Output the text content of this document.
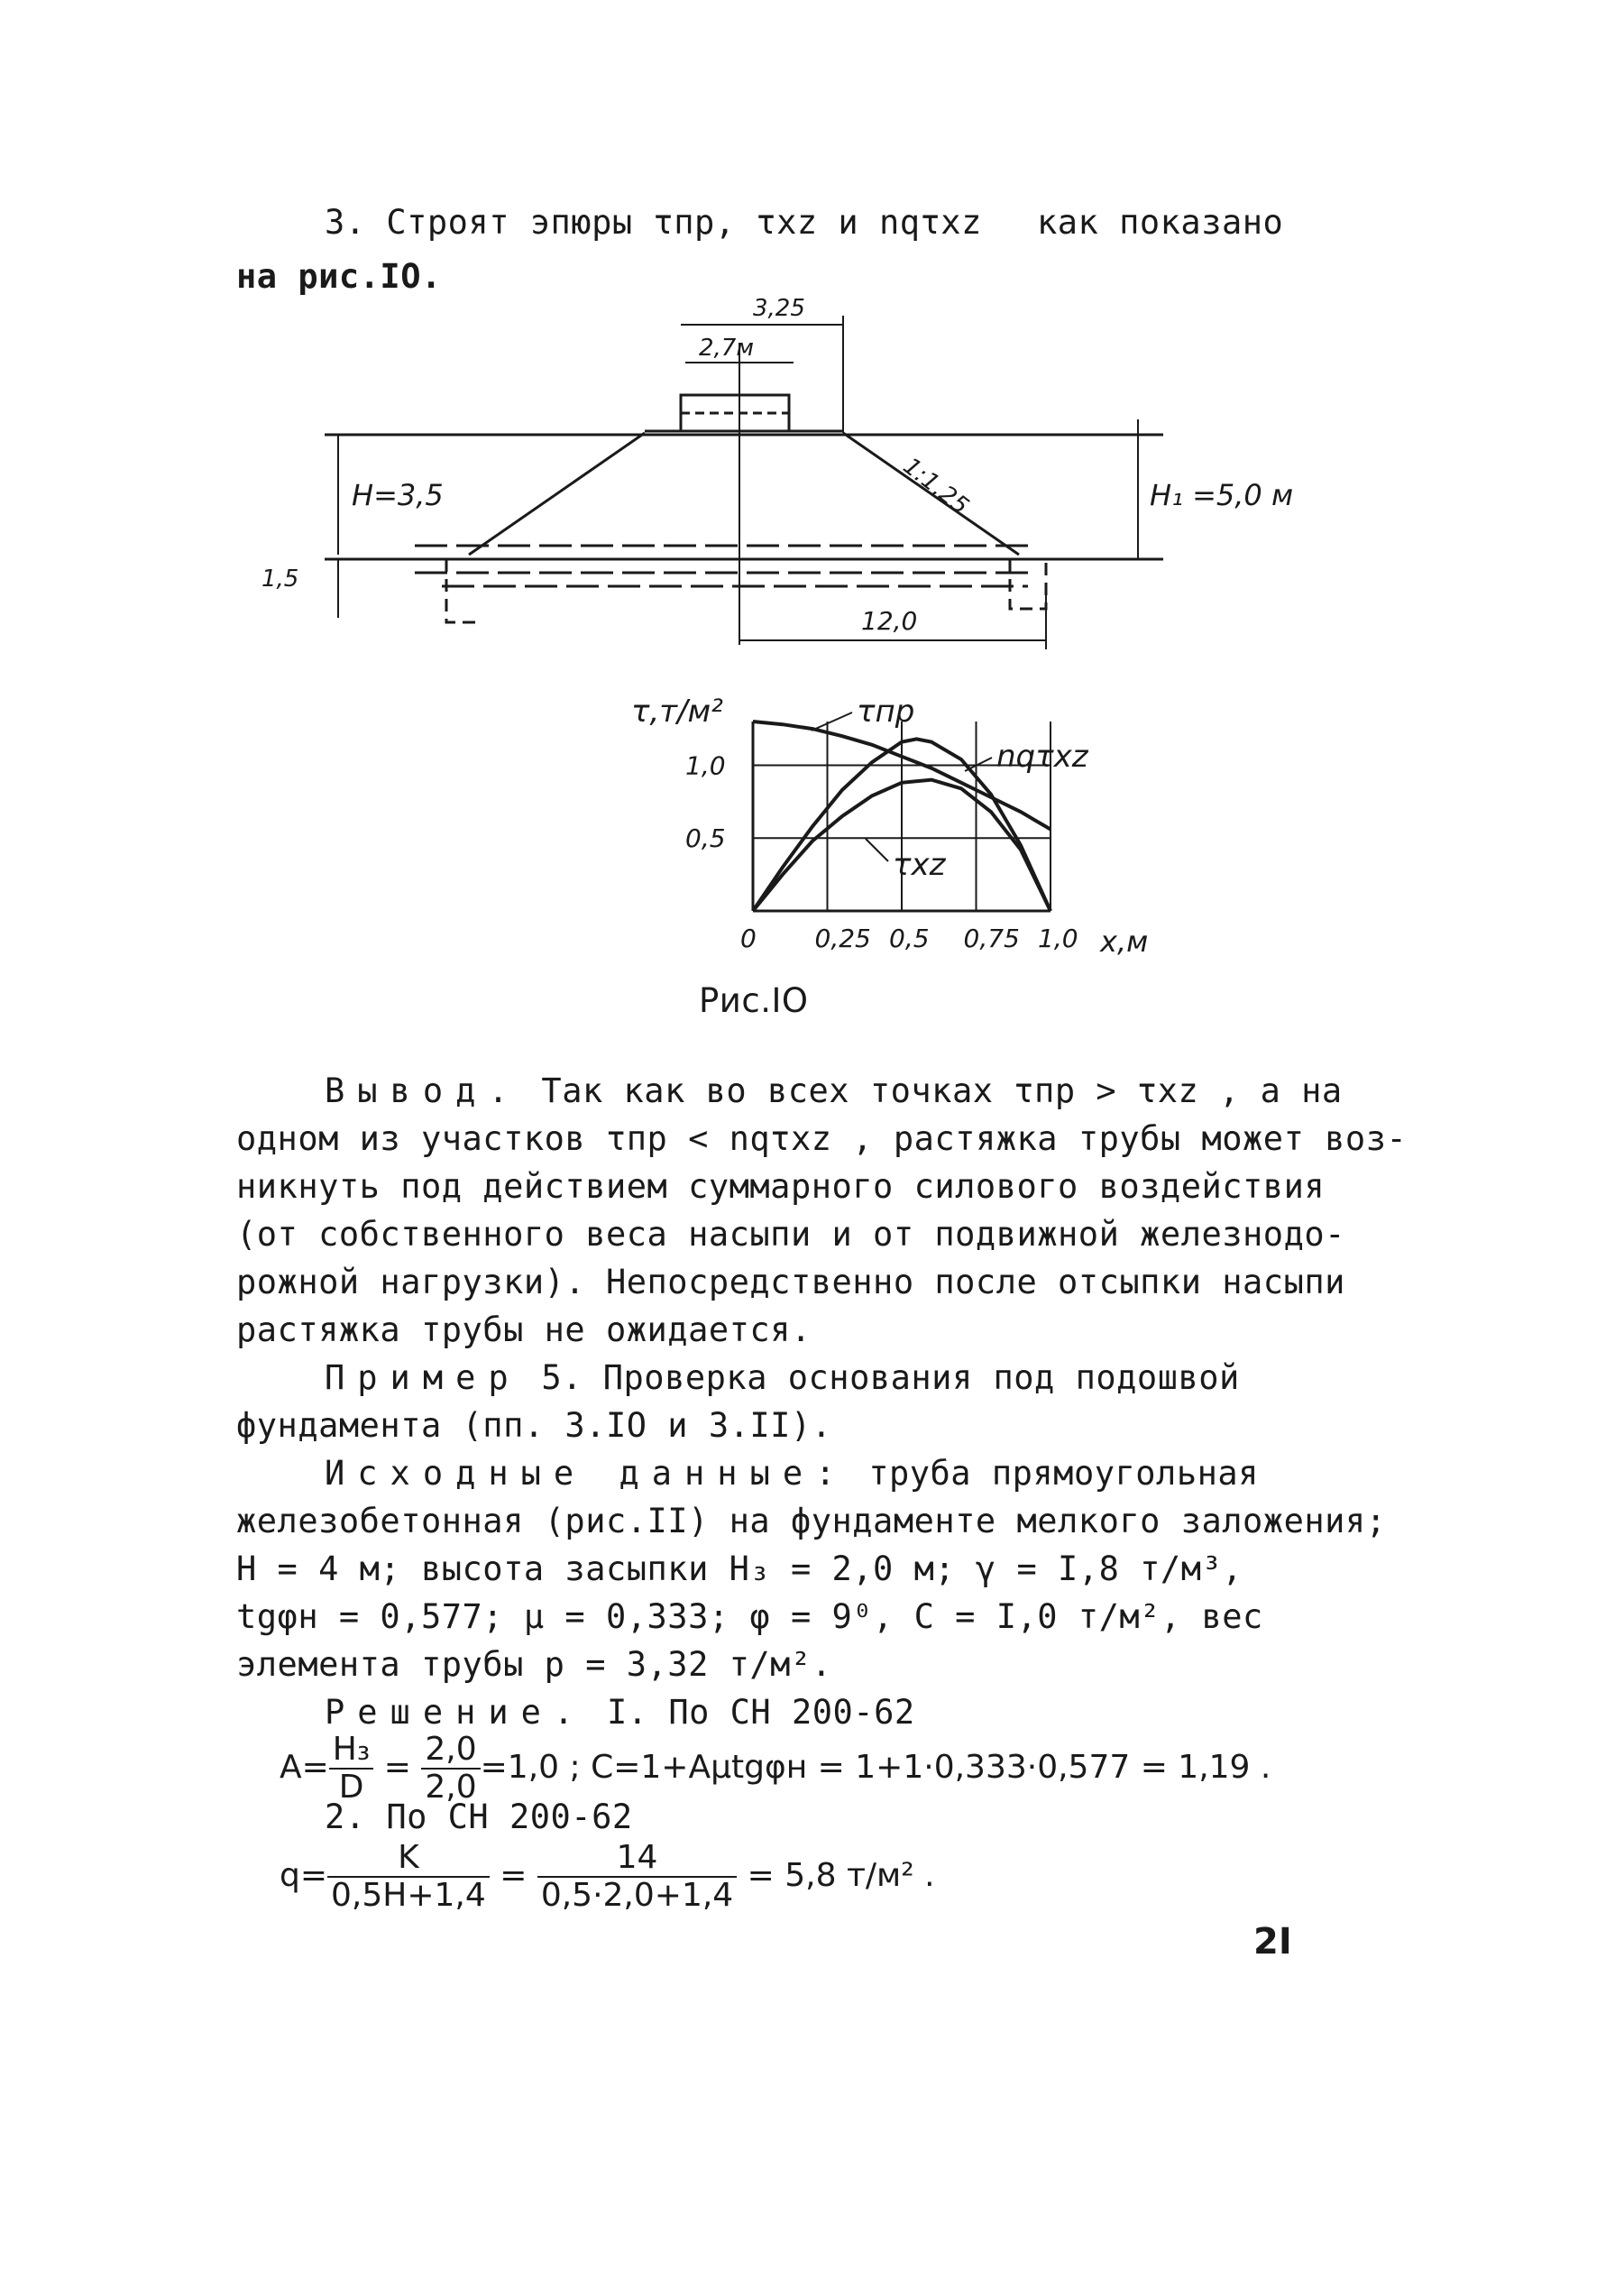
3. Строят эпюры τпр, τxz и nqτxz как показано
на рис.IO.
3,25
2,7м
H=3,5	H₁ =5,0 м
1:1,25
1,5
12,0
0 0,25 0,5 0,75 1,0
0,5
1,0
τ,т/м²
x,м
τпр
nqτxz
τxz
Рис.IO
Вывод. Так как во всех точках τпр > τxz , а на
одном из участков τпр < nqτxz , растяжка трубы может воз-
никнуть под действием суммарного силового воздействия
(от собственного веса насыпи и от подвижной железнодо-
рожной нагрузки). Непосредственно после отсыпки насыпи
растяжка трубы не ожидается.
Пример 5. Проверка основания под подошвой
фундамента (пп. 3.IO и 3.II).
Исходные данные: труба прямоугольная
железобетонная (рис.II) на фундаменте мелкого заложения;
H = 4 м; высота засыпки H₃ = 2,0 м; γ = I,8 т/м³,
tgφн = 0,577; μ = 0,333; φ = 9⁰, C = I,0 т/м², вес
элемента трубы p = 3,32 т/м².
Решение. I. По СН 200-62
$A= \frac{\text{H₃}}{D} = \frac{2,0}{2,0} =1,0$ ; C=1+Aμtgφн = 1+1·0,333·0,577 = 1,19 .
2. По СН 200-62
$q= \frac{K}{0,5H+1,4} = \frac{14}{0,5\cdot 2,0+1,4} = 5,8$ т/м² .
2I
